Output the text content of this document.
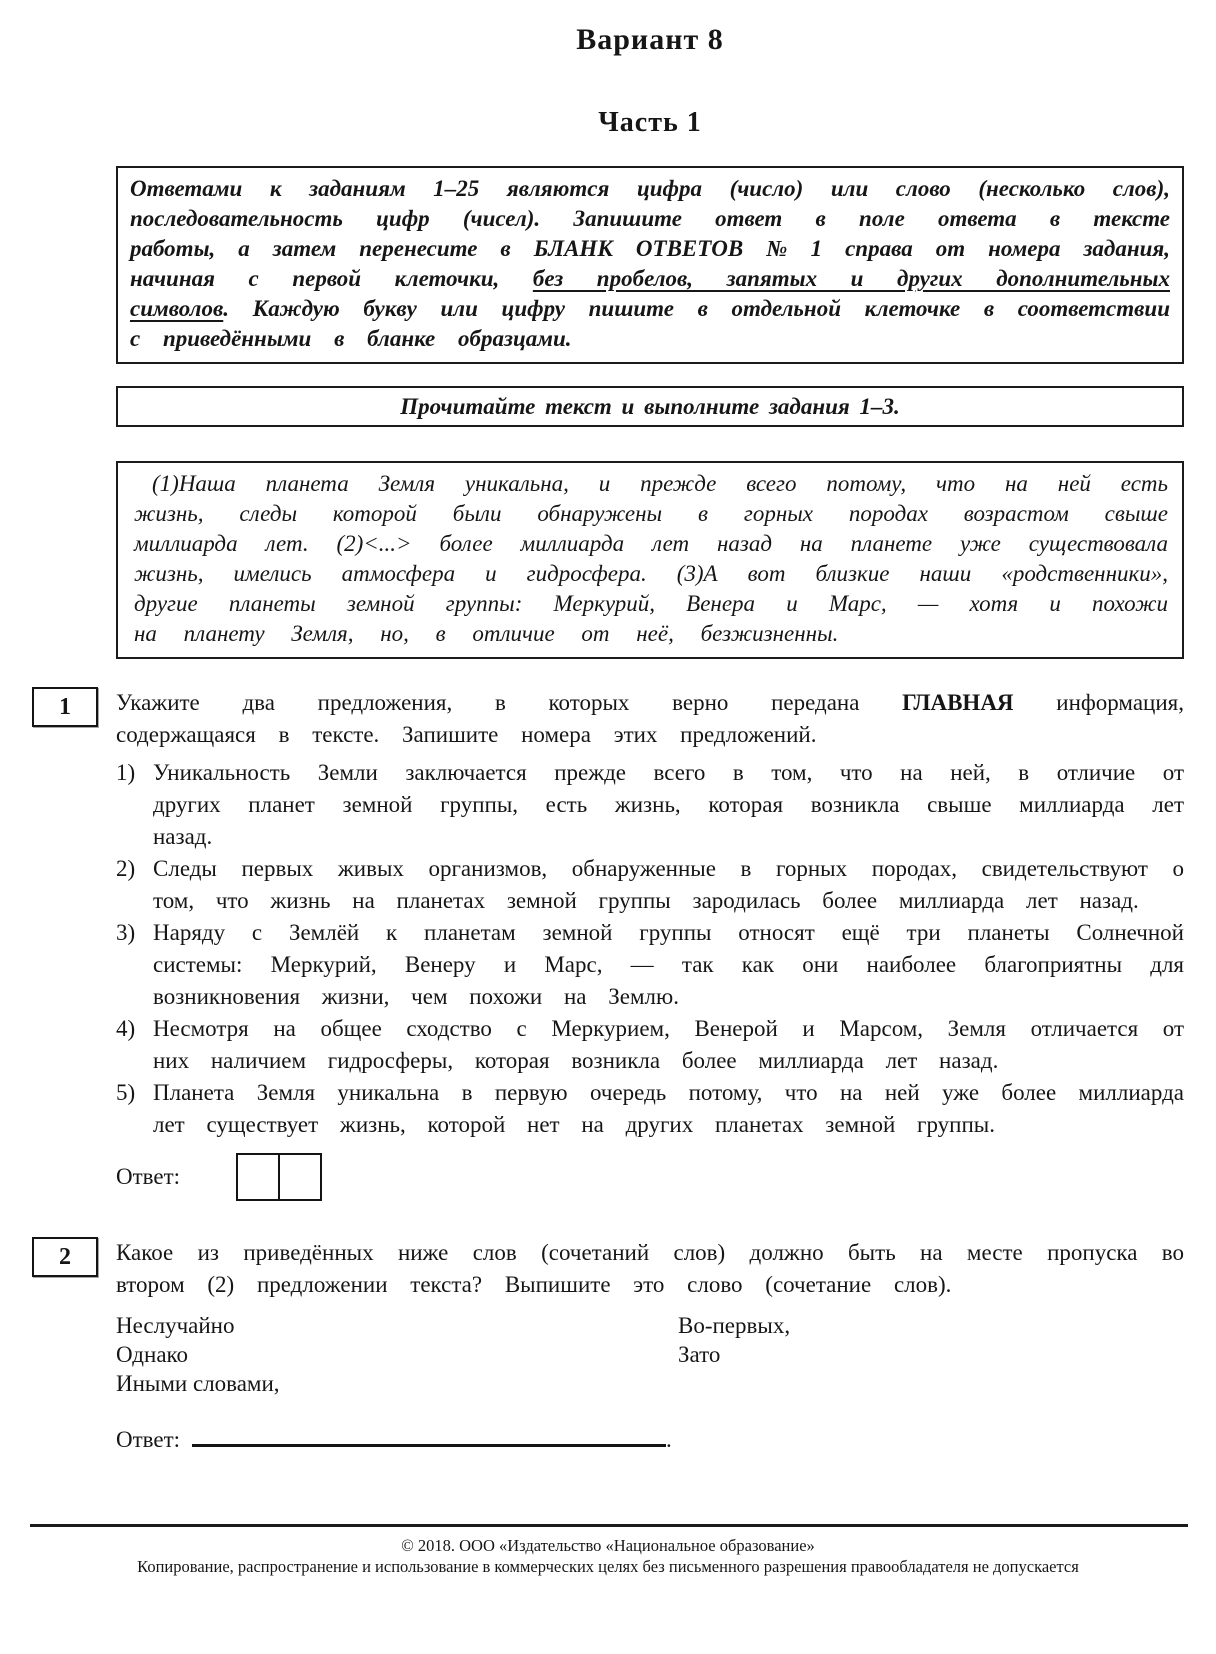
Вариант 8
Часть 1

Ответами к заданиям 1–25 являются цифра (число) или слово (несколько слов), последовательность цифр (чисел). Запишите ответ в поле ответа в тексте работы, а затем перенесите в БЛАНК ОТВЕТОВ № 1 справа от номера задания, начиная с первой клеточки, без пробелов, запятых и других дополнительных символов. Каждую букву или цифру пишите в отдельной клеточке в соответствии с приведёнными в бланке образцами.

Прочитайте текст и выполните задания 1–3.

(1)Наша планета Земля уникальна, и прежде всего потому, что на ней есть жизнь, следы которой были обнаружены в горных породах возрастом свыше миллиарда лет. (2)<...> более миллиарда лет назад на планете уже существовала жизнь, имелись атмосфера и гидросфера. (3)А вот близкие наши «родственники», другие планеты земной группы: Меркурий, Венера и Марс, — хотя и похожи на планету Земля, но, в отличие от неё, безжизненны.

1 Укажите два предложения, в которых верно передана ГЛАВНАЯ информация, содержащаяся в тексте. Запишите номера этих предложений.

1) Уникальность Земли заключается прежде всего в том, что на ней, в отличие от других планет земной группы, есть жизнь, которая возникла свыше миллиарда лет назад.
2) Следы первых живых организмов, обнаруженные в горных породах, свидетельствуют о том, что жизнь на планетах земной группы зародилась более миллиарда лет назад.
3) Наряду с Землёй к планетам земной группы относят ещё три планеты Солнечной системы: Меркурий, Венеру и Марс, — так как они наиболее благоприятны для возникновения жизни, чем похожи на Землю.
4) Несмотря на общее сходство с Меркурием, Венерой и Марсом, Земля отличается от них наличием гидросферы, которая возникла более миллиарда лет назад.
5) Планета Земля уникальна в первую очередь потому, что на ней уже более миллиарда лет существует жизнь, которой нет на других планетах земной группы.
Ответ:
2 Какое из приведённых ниже слов (сочетаний слов) должно быть на месте пропуска во втором (2) предложении текста? Выпишите это слово (сочетание слов).

Неслучайно
Однако
Иными словами,
Во-первых,
Зато
Ответ:	.
© 2018. ООО «Издательство «Национальное образование»
Копирование, распространение и использование в коммерческих целях без письменного разрешения правообладателя не допускается
